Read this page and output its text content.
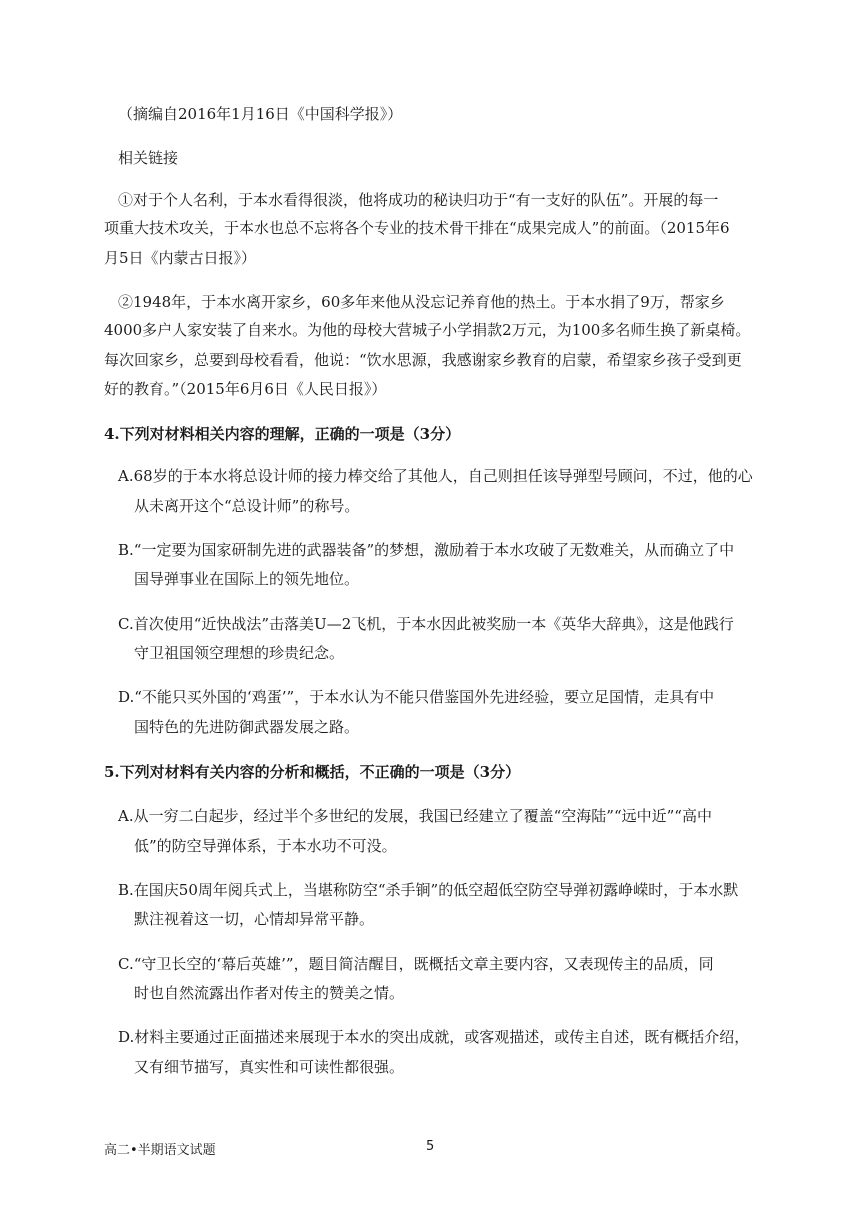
（摘编自2016年1月16日《中国科学报》）
相关链接
①对于个人名利，于本水看得很淡，他将成功的秘诀归功于“有一支好的队伍”。开展的每一
项重大技术攻关，于本水也总不忘将各个专业的技术骨干排在“成果完成人”的前面。（2015年6
月5日《内蒙古日报》）
②1948年，于本水离开家乡，60多年来他从没忘记养育他的热土。于本水捐了9万，帮家乡
4000多户人家安装了自来水。为他的母校大营城子小学捐款2万元，为100多名师生换了新桌椅。
每次回家乡，总要到母校看看，他说：“饮水思源，我感谢家乡教育的启蒙，希望家乡孩子受到更
好的教育。”（2015年6月6日《人民日报》）
4.下列对材料相关内容的理解，正确的一项是（3分）
A.68岁的于本水将总设计师的接力棒交给了其他人，自己则担任该导弹型号顾问，不过，他的心
从未离开这个“总设计师”的称号。
B.“一定要为国家研制先进的武器装备”的梦想，激励着于本水攻破了无数难关，从而确立了中
国导弹事业在国际上的领先地位。
C.首次使用“近快战法”击落美U—2飞机，于本水因此被奖励一本《英华大辞典》，这是他践行
守卫祖国领空理想的珍贵纪念。
D.“不能只买外国的‘鸡蛋’”，于本水认为不能只借鉴国外先进经验，要立足国情，走具有中
国特色的先进防御武器发展之路。
5.下列对材料有关内容的分析和概括，不正确的一项是（3分）
A.从一穷二白起步，经过半个多世纪的发展，我国已经建立了覆盖“空海陆”“远中近”“高中
低”的防空导弹体系，于本水功不可没。
B.在国庆50周年阅兵式上，当堪称防空“杀手锏”的低空超低空防空导弹初露峥嵘时，于本水默
默注视着这一切，心情却异常平静。
C.“守卫长空的‘幕后英雄’”，题目简洁醒目，既概括文章主要内容，又表现传主的品质，同
时也自然流露出作者对传主的赞美之情。
D.材料主要通过正面描述来展现于本水的突出成就，或客观描述，或传主自述，既有概括介绍，
又有细节描写，真实性和可读性都很强。
高二•半期语文试题	5
